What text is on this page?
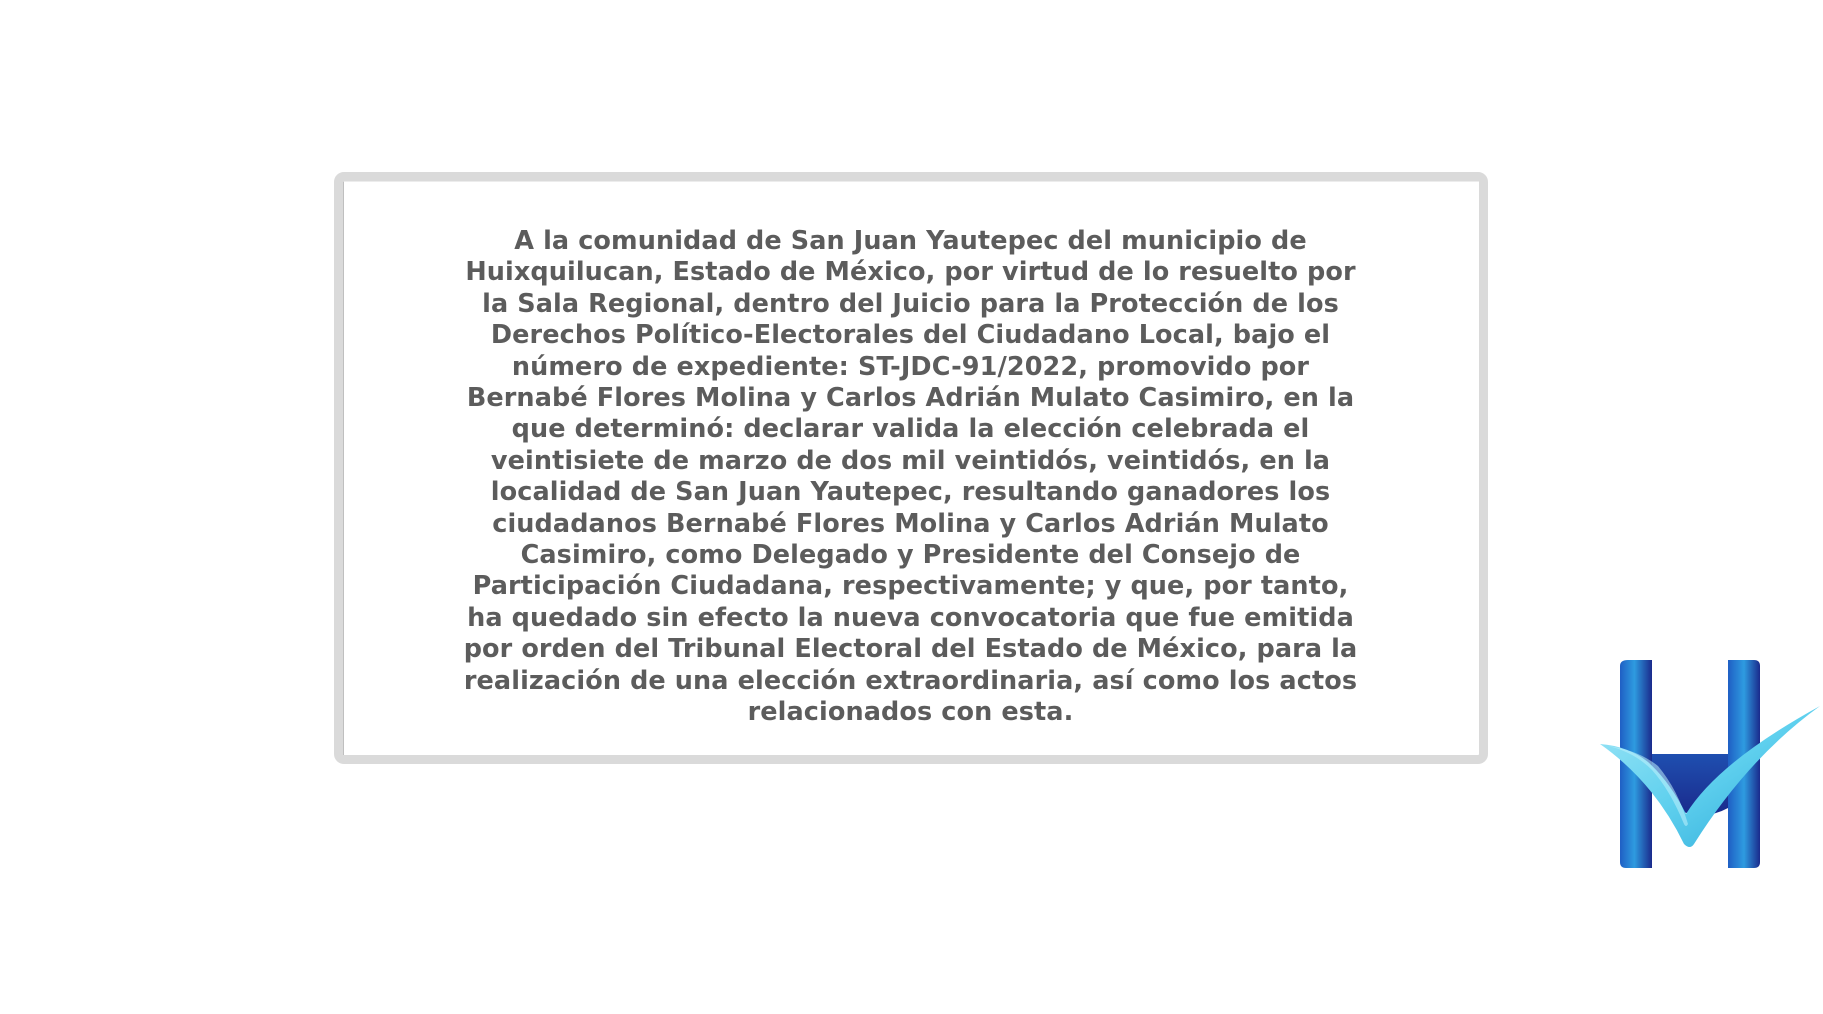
A la comunidad de San Juan Yautepec del municipio de Huixquilucan, Estado de México, por virtud de lo resuelto por la Sala Regional, dentro del Juicio para la Protección de los Derechos Político-Electorales del Ciudadano Local, bajo el número de expediente: ST-JDC-91/2022, promovido por Bernabé Flores Molina y Carlos Adrián Mulato Casimiro, en la que determinó: declarar valida la elección celebrada el veintisiete de marzo de dos mil veintidós, veintidós, en la localidad de San Juan Yautepec, resultando ganadores los ciudadanos Bernabé Flores Molina y Carlos Adrián Mulato Casimiro, como Delegado y Presidente del Consejo de Participación Ciudadana, respectivamente; y que, por tanto, ha quedado sin efecto la nueva convocatoria que fue emitida por orden del Tribunal Electoral del Estado de México, para la realización de una elección extraordinaria, así como los actos relacionados con esta.
